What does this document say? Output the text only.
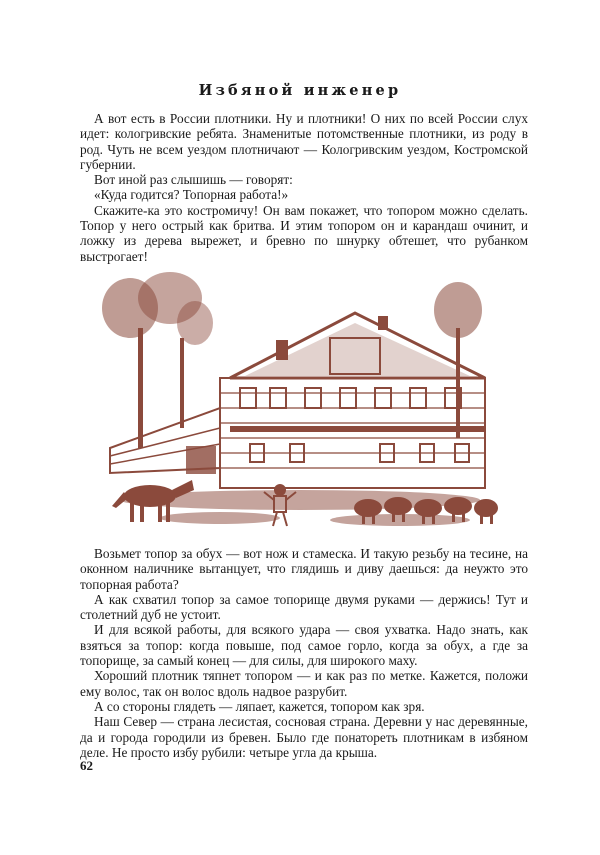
Избяной инженер

А вот есть в России плотники. Ну и плотники! О них по всей России слух идет: кологривские ребята. Знаменитые потомственные плотники, из роду в род. Чуть не всем уездом плотничают — Кологривским уездом, Костромской губернии.

Вот иной раз слышишь — говорят:

«Куда годится? Топорная работа!»

Скажите-ка это костромичу! Он вам покажет, что топором можно сделать. Топор у него острый как бритва. И этим топором он и карандаш очинит, и ложку из дерева вырежет, и бревно по шнурку обтешет, что рубанком выстрогает!

Возьмет топор за обух — вот нож и стамеска. И такую резьбу на тесине, на оконном наличнике вытанцует, что глядишь и диву даешься: да неужто это топорная работа?

А как схватил топор за самое топорище двумя руками — держись! Тут и столетний дуб не устоит.

И для всякой работы, для всякого удара — своя ухватка. Надо знать, как взяться за топор: когда повыше, под самое горло, когда за обух, а где за топорище, за самый конец — для силы, для широкого маху.

Хороший плотник тяпнет топором — и как раз по метке. Кажется, положи ему волос, так он волос вдоль надвое разрубит.

А со стороны глядеть — ляпает, кажется, топором как зря.

Наш Север — страна лесистая, сосновая страна. Деревни у нас деревянные, да и города городили из бревен. Было где понатореть плотникам в избяном деле. Не просто избу рубили: четыре угла да крыша.

62
